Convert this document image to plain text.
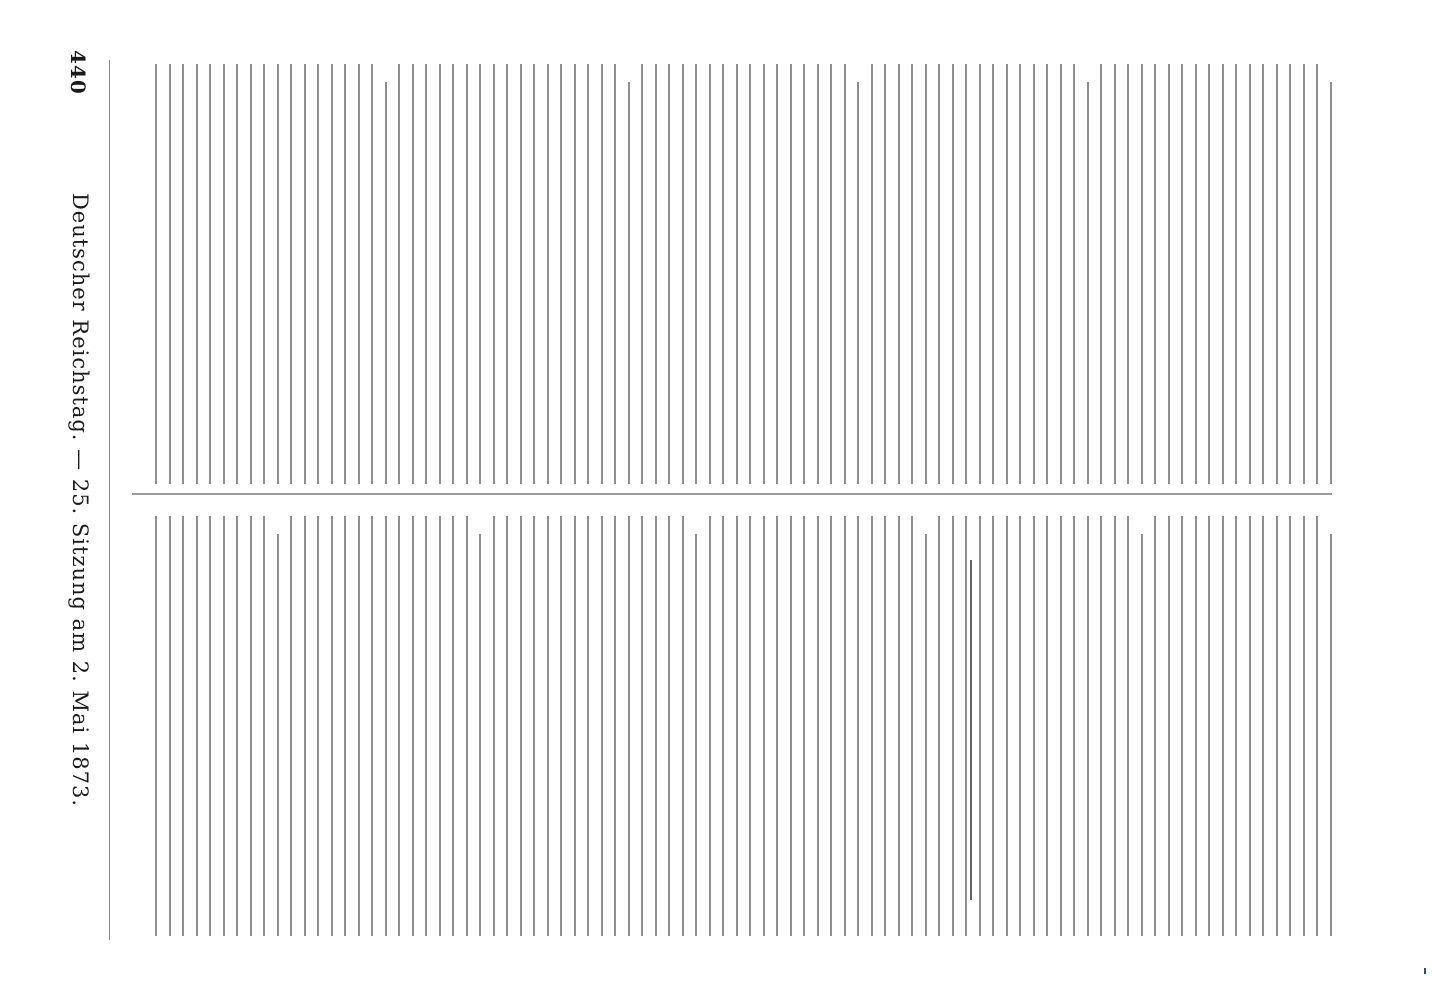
440
Deutscher Reichstag. — 25. Sitzung am 2. Mai 1873.
